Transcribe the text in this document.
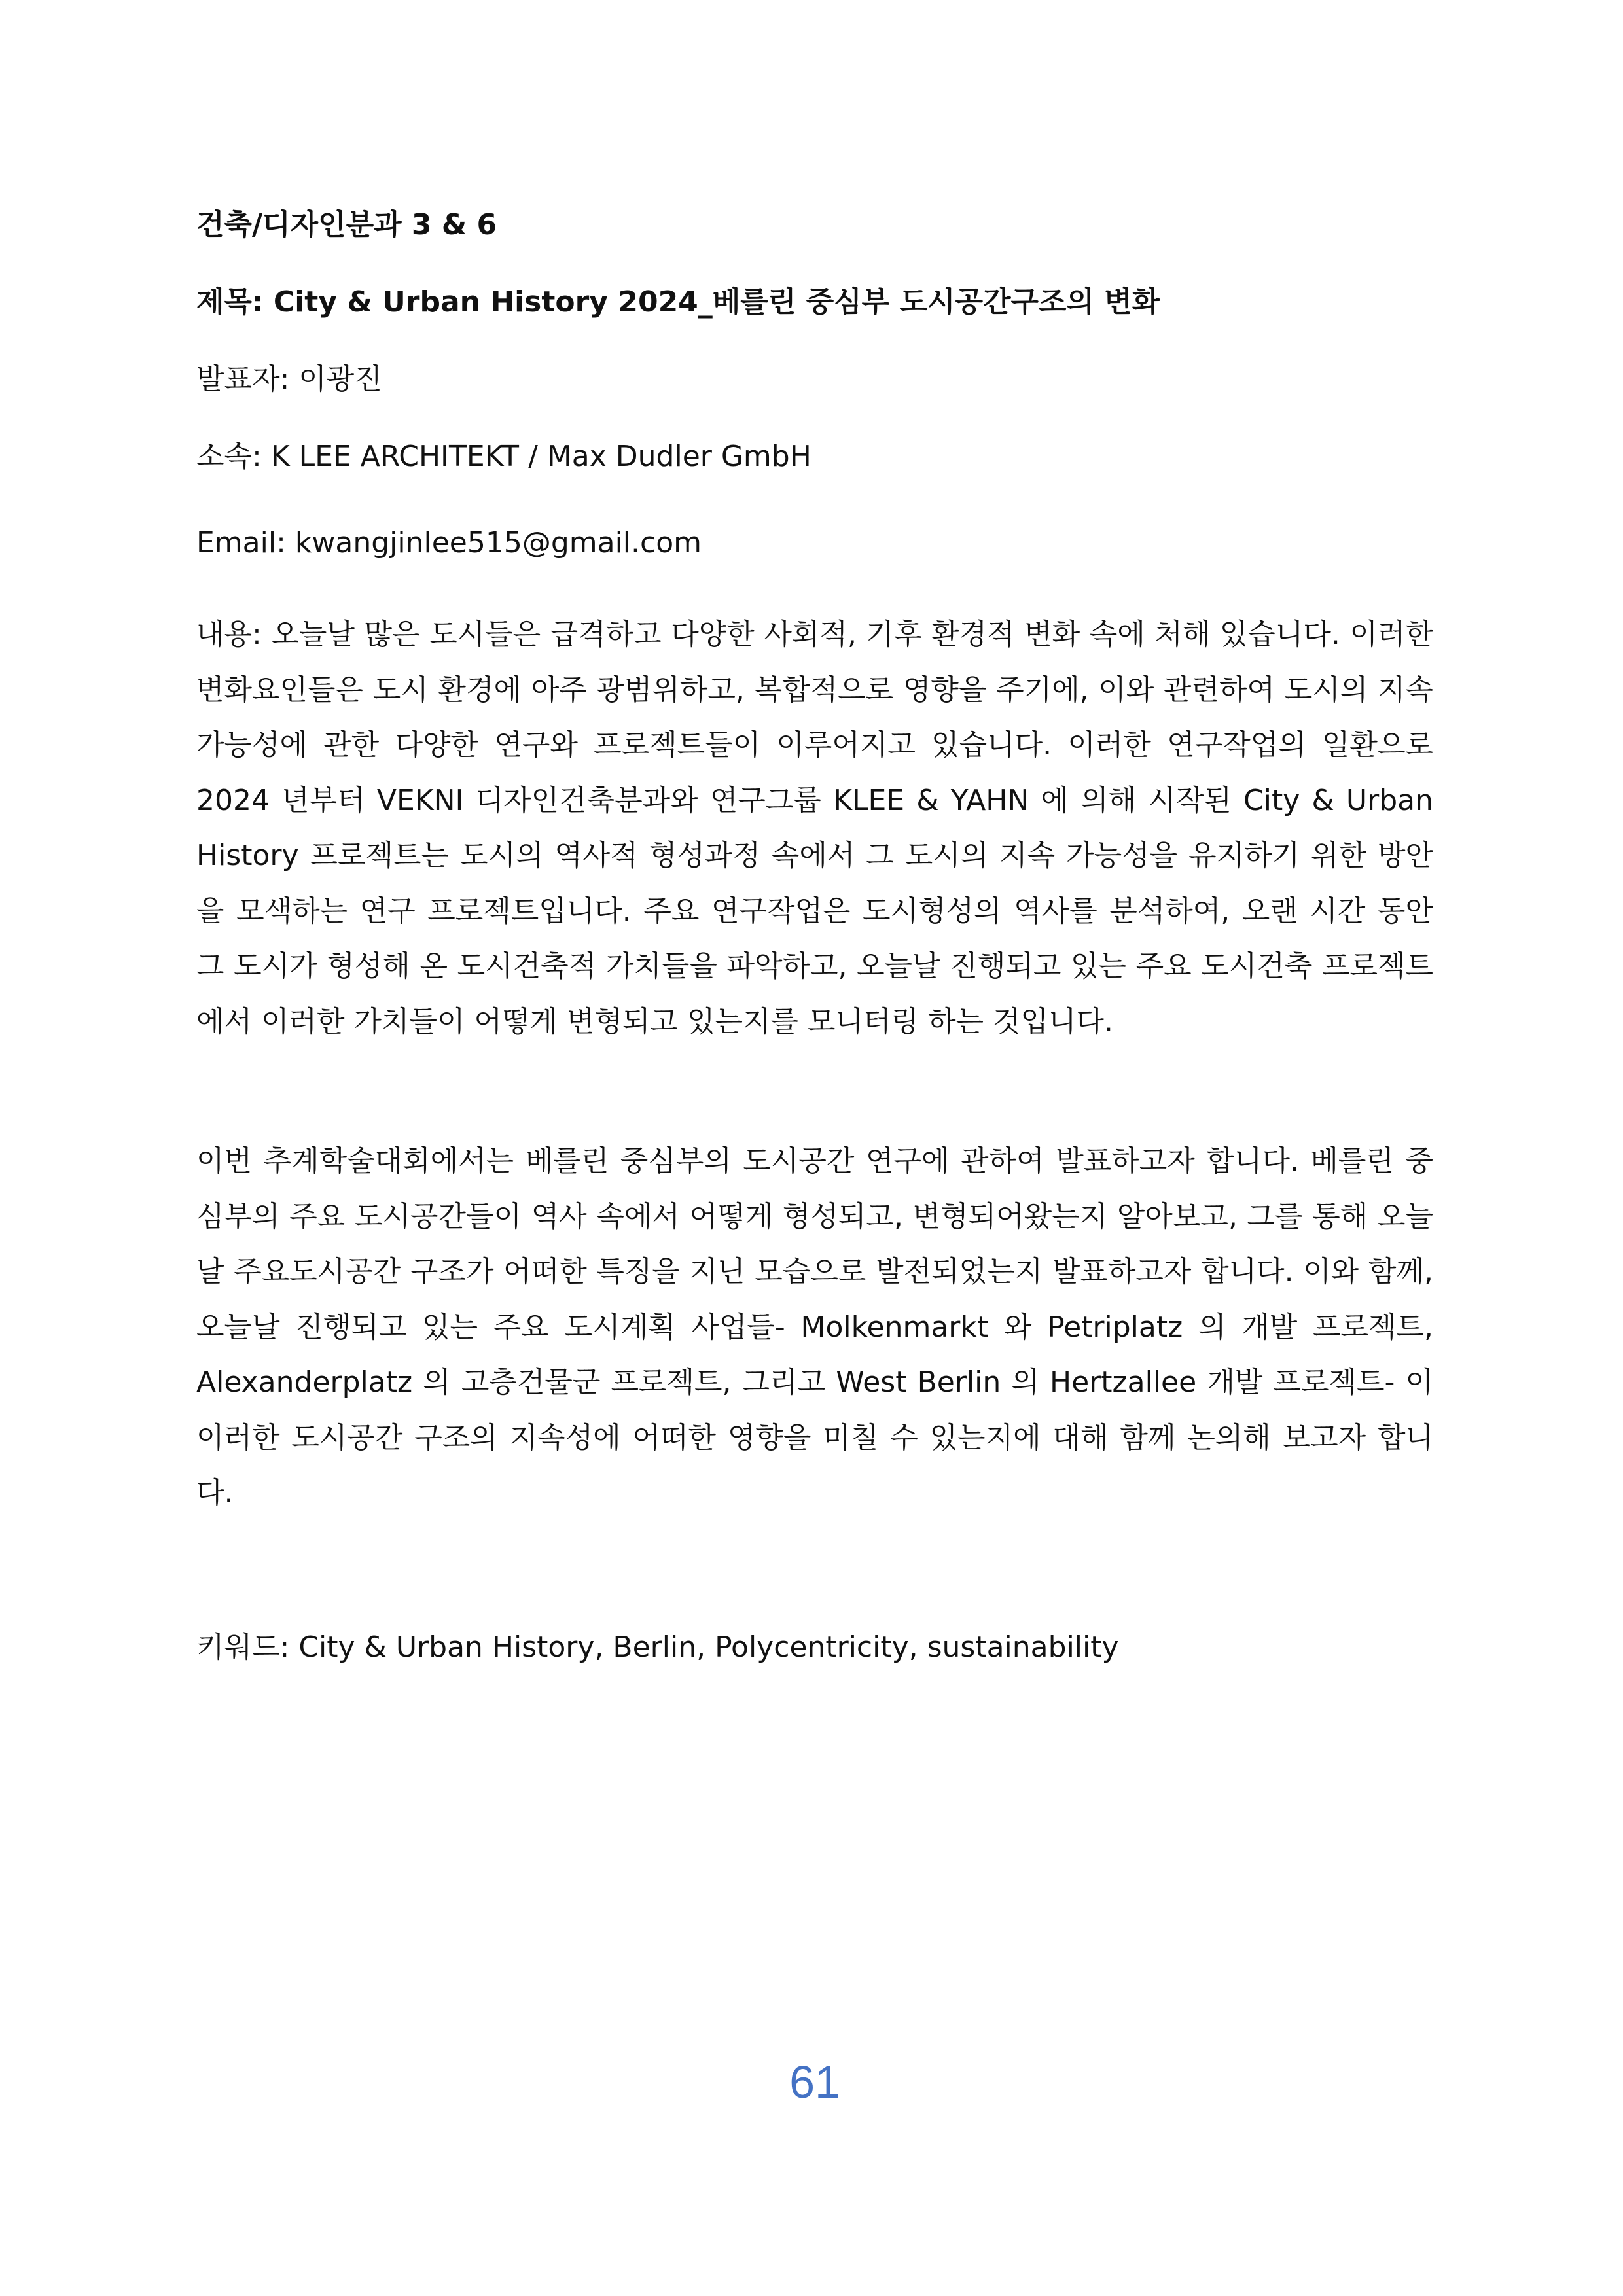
건축/디자인분과 3 & 6
제목: City & Urban History 2024_베를린 중심부 도시공간구조의 변화
발표자: 이광진
소속: K LEE ARCHITEKT / Max Dudler GmbH
Email: kwangjinlee515@gmail.com

내용: 오늘날 많은 도시들은 급격하고 다양한 사회적, 기후 환경적 변화 속에 처해 있습니다. 이러한 변화요인들은 도시 환경에 아주 광범위하고, 복합적으로 영향을 주기에, 이와 관련하여 도시의 지속가능성에 관한 다양한 연구와 프로젝트들이 이루어지고 있습니다. 이러한 연구작업의 일환으로 2024 년부터 VEKNI 디자인건축분과와 연구그룹 KLEE & YAHN 에 의해 시작된 City & Urban History 프로젝트는 도시의 역사적 형성과정 속에서 그 도시의 지속 가능성을 유지하기 위한 방안을 모색하는 연구 프로젝트입니다. 주요 연구작업은 도시형성의 역사를 분석하여, 오랜 시간 동안 그 도시가 형성해 온 도시건축적 가치들을 파악하고, 오늘날 진행되고 있는 주요 도시건축 프로젝트에서 이러한 가치들이 어떻게 변형되고 있는지를 모니터링 하는 것입니다.

이번 추계학술대회에서는 베를린 중심부의 도시공간 연구에 관하여 발표하고자 합니다. 베를린 중심부의 주요 도시공간들이 역사 속에서 어떻게 형성되고, 변형되어왔는지 알아보고, 그를 통해 오늘날 주요도시공간 구조가 어떠한 특징을 지닌 모습으로 발전되었는지 발표하고자 합니다. 이와 함께, 오늘날 진행되고 있는 주요 도시계획 사업들- Molkenmarkt 와 Petriplatz 의 개발 프로젝트, Alexanderplatz 의 고층건물군 프로젝트, 그리고 West Berlin 의 Hertzallee 개발 프로젝트- 이 이러한 도시공간 구조의 지속성에 어떠한 영향을 미칠 수 있는지에 대해 함께 논의해 보고자 합니다.

키워드: City & Urban History, Berlin, Polycentricity, sustainability
61
